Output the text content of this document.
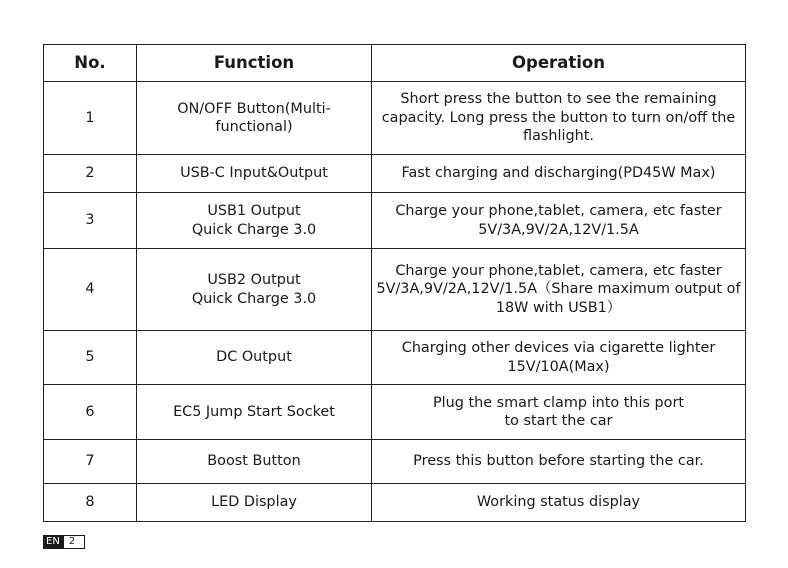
No.	Function	Operation
1	ON/OFF Button(Multi-
functional)	Short press the button to see the remaining
capacity. Long press the button to turn on/off the
flashlight.
2	USB-C Input&Output	Fast charging and discharging(PD45W Max)
3	USB1 Output
Quick Charge 3.0	Charge your phone,tablet, camera, etc faster
5V/3A,9V/2A,12V/1.5A
4	USB2 Output
Quick Charge 3.0	Charge your phone,tablet, camera, etc faster
5V/3A,9V/2A,12V/1.5A（Share maximum output of
18W with USB1）
5	DC Output	Charging other devices via cigarette lighter
15V/10A(Max)
6	EC5 Jump Start Socket	Plug the smart clamp into this port
to start the car
7	Boost Button	Press this button before starting the car.
8	LED Display	Working status display
EN 2
